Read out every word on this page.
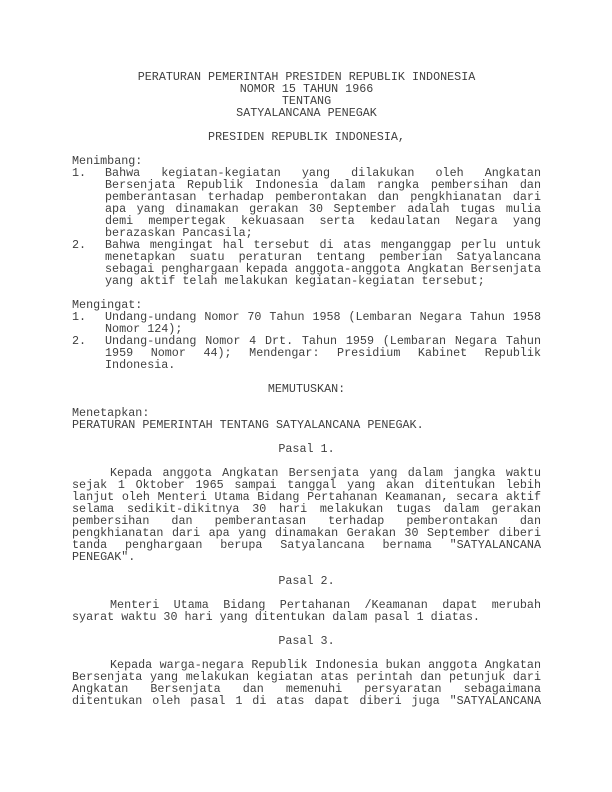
PERATURAN PEMERINTAH PRESIDEN REPUBLIK INDONESIA
NOMOR 15 TAHUN 1966
TENTANG
SATYALANCANA PENEGAK
PRESIDEN REPUBLIK INDONESIA,
Menimbang:
1. Bahwa kegiatan-kegiatan yang dilakukan oleh Angkatan Bersenjata Republik Indonesia dalam rangka pembersihan dan pemberantasan terhadap pemberontakan dan pengkhianatan dari apa yang dinamakan gerakan 30 September adalah tugas mulia demi mempertegak kekuasaan serta kedaulatan Negara yang berazaskan Pancasila;
2. Bahwa mengingat hal tersebut di atas menganggap perlu untuk menetapkan suatu peraturan tentang pemberian Satyalancana sebagai penghargaan kepada anggota-anggota Angkatan Bersenjata yang aktif telah melakukan kegiatan-kegiatan tersebut;
Mengingat:
1. Undang-undang Nomor 70 Tahun 1958 (Lembaran Negara Tahun 1958 Nomor 124);
2. Undang-undang Nomor 4 Drt. Tahun 1959 (Lembaran Negara Tahun 1959 Nomor 44); Mendengar: Presidium Kabinet Republik Indonesia.
MEMUTUSKAN:
Menetapkan:
PERATURAN PEMERINTAH TENTANG SATYALANCANA PENEGAK.
Pasal 1.
Kepada anggota Angkatan Bersenjata yang dalam jangka waktu sejak 1 Oktober 1965 sampai tanggal yang akan ditentukan lebih lanjut oleh Menteri Utama Bidang Pertahanan Keamanan, secara aktif selama sedikit-dikitnya 30 hari melakukan tugas dalam gerakan pembersihan dan pemberantasan terhadap pemberontakan dan pengkhianatan dari apa yang dinamakan Gerakan 30 September diberi tanda penghargaan berupa Satyalancana bernama "SATYALANCANA PENEGAK".
Pasal 2.
Menteri Utama Bidang Pertahanan /Keamanan dapat merubah syarat waktu 30 hari yang ditentukan dalam pasal 1 diatas.
Pasal 3.
Kepada warga-negara Republik Indonesia bukan anggota Angkatan Bersenjata yang melakukan kegiatan atas perintah dan petunjuk dari Angkatan Bersenjata dan memenuhi persyaratan sebagaimana ditentukan oleh pasal 1 di atas dapat diberi juga "SATYALANCANA
